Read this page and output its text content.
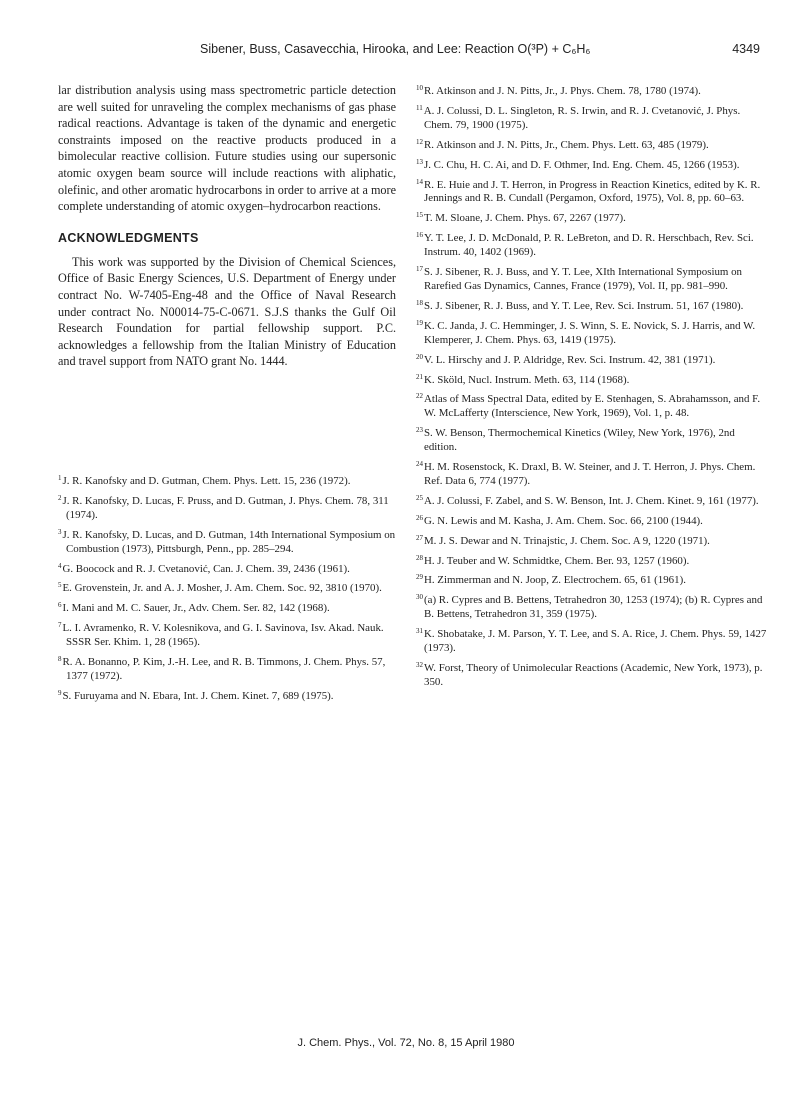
Sibener, Buss, Casavecchia, Hirooka, and Lee: Reaction O(³P) + C₆H₆	4349

lar distribution analysis using mass spectrometric particle detection are well suited for unraveling the complex mechanisms of gas phase radical reactions. Advantage is taken of the dynamic and energetic constraints imposed on the reactive products produced in a bimolecular reactive collision. Future studies using our supersonic atomic oxygen beam source will include reactions with aliphatic, olefinic, and other aromatic hydrocarbons in order to arrive at a more complete understanding of atomic oxygen–hydrocarbon reactions.

ACKNOWLEDGMENTS

This work was supported by the Division of Chemical Sciences, Office of Basic Energy Sciences, U.S. Department of Energy under contract No. W-7405-Eng-48 and the Office of Naval Research under contract No. N00014-75-C-0671. S.J.S thanks the Gulf Oil Research Foundation for partial fellowship support. P.C. acknowledges a fellowship from the Italian Ministry of Education and travel support from NATO grant No. 1444.

$^1$J. R. Kanofsky and D. Gutman, Chem. Phys. Lett. 15, 236 (1972).
$^2$J. R. Kanofsky, D. Lucas, F. Pruss, and D. Gutman, J. Phys. Chem. 78, 311 (1974).
$^3$J. R. Kanofsky, D. Lucas, and D. Gutman, 14th International Symposium on Combustion (1973), Pittsburgh, Penn., pp. 285–294.
$^4$G. Boocock and R. J. Cvetanović, Can. J. Chem. 39, 2436 (1961).
$^5$E. Grovenstein, Jr. and A. J. Mosher, J. Am. Chem. Soc. 92, 3810 (1970).
$^6$I. Mani and M. C. Sauer, Jr., Adv. Chem. Ser. 82, 142 (1968).
$^7$L. I. Avramenko, R. V. Kolesnikova, and G. I. Savinova, Isv. Akad. Nauk. SSSR Ser. Khim. 1, 28 (1965).
$^8$R. A. Bonanno, P. Kim, J.-H. Lee, and R. B. Timmons, J. Chem. Phys. 57, 1377 (1972).
$^9$S. Furuyama and N. Ebara, Int. J. Chem. Kinet. 7, 689 (1975).
$^{10}$R. Atkinson and J. N. Pitts, Jr., J. Phys. Chem. 78, 1780 (1974).
$^{11}$A. J. Colussi, D. L. Singleton, R. S. Irwin, and R. J. Cvetanović, J. Phys. Chem. 79, 1900 (1975).
$^{12}$R. Atkinson and J. N. Pitts, Jr., Chem. Phys. Lett. 63, 485 (1979).
$^{13}$J. C. Chu, H. C. Ai, and D. F. Othmer, Ind. Eng. Chem. 45, 1266 (1953).
$^{14}$R. E. Huie and J. T. Herron, in Progress in Reaction Kinetics, edited by K. R. Jennings and R. B. Cundall (Pergamon, Oxford, 1975), Vol. 8, pp. 60–63.
$^{15}$T. M. Sloane, J. Chem. Phys. 67, 2267 (1977).
$^{16}$Y. T. Lee, J. D. McDonald, P. R. LeBreton, and D. R. Herschbach, Rev. Sci. Instrum. 40, 1402 (1969).
$^{17}$S. J. Sibener, R. J. Buss, and Y. T. Lee, XIth International Symposium on Rarefied Gas Dynamics, Cannes, France (1979), Vol. II, pp. 981–990.
$^{18}$S. J. Sibener, R. J. Buss, and Y. T. Lee, Rev. Sci. Instrum. 51, 167 (1980).
$^{19}$K. C. Janda, J. C. Hemminger, J. S. Winn, S. E. Novick, S. J. Harris, and W. Klemperer, J. Chem. Phys. 63, 1419 (1975).
$^{20}$V. L. Hirschy and J. P. Aldridge, Rev. Sci. Instrum. 42, 381 (1971).
$^{21}$K. Sköld, Nucl. Instrum. Meth. 63, 114 (1968).
$^{22}$Atlas of Mass Spectral Data, edited by E. Stenhagen, S. Abrahamsson, and F. W. McLafferty (Interscience, New York, 1969), Vol. 1, p. 48.
$^{23}$S. W. Benson, Thermochemical Kinetics (Wiley, New York, 1976), 2nd edition.
$^{24}$H. M. Rosenstock, K. Draxl, B. W. Steiner, and J. T. Herron, J. Phys. Chem. Ref. Data 6, 774 (1977).
$^{25}$A. J. Colussi, F. Zabel, and S. W. Benson, Int. J. Chem. Kinet. 9, 161 (1977).
$^{26}$G. N. Lewis and M. Kasha, J. Am. Chem. Soc. 66, 2100 (1944).
$^{27}$M. J. S. Dewar and N. Trinajstic, J. Chem. Soc. A 9, 1220 (1971).
$^{28}$H. J. Teuber and W. Schmidtke, Chem. Ber. 93, 1257 (1960).
$^{29}$H. Zimmerman and N. Joop, Z. Electrochem. 65, 61 (1961).
$^{30}$(a) R. Cypres and B. Bettens, Tetrahedron 30, 1253 (1974); (b) R. Cypres and B. Bettens, Tetrahedron 31, 359 (1975).
$^{31}$K. Shobatake, J. M. Parson, Y. T. Lee, and S. A. Rice, J. Chem. Phys. 59, 1427 (1973).
$^{32}$W. Forst, Theory of Unimolecular Reactions (Academic, New York, 1973), p. 350.
J. Chem. Phys., Vol. 72, No. 8, 15 April 1980
